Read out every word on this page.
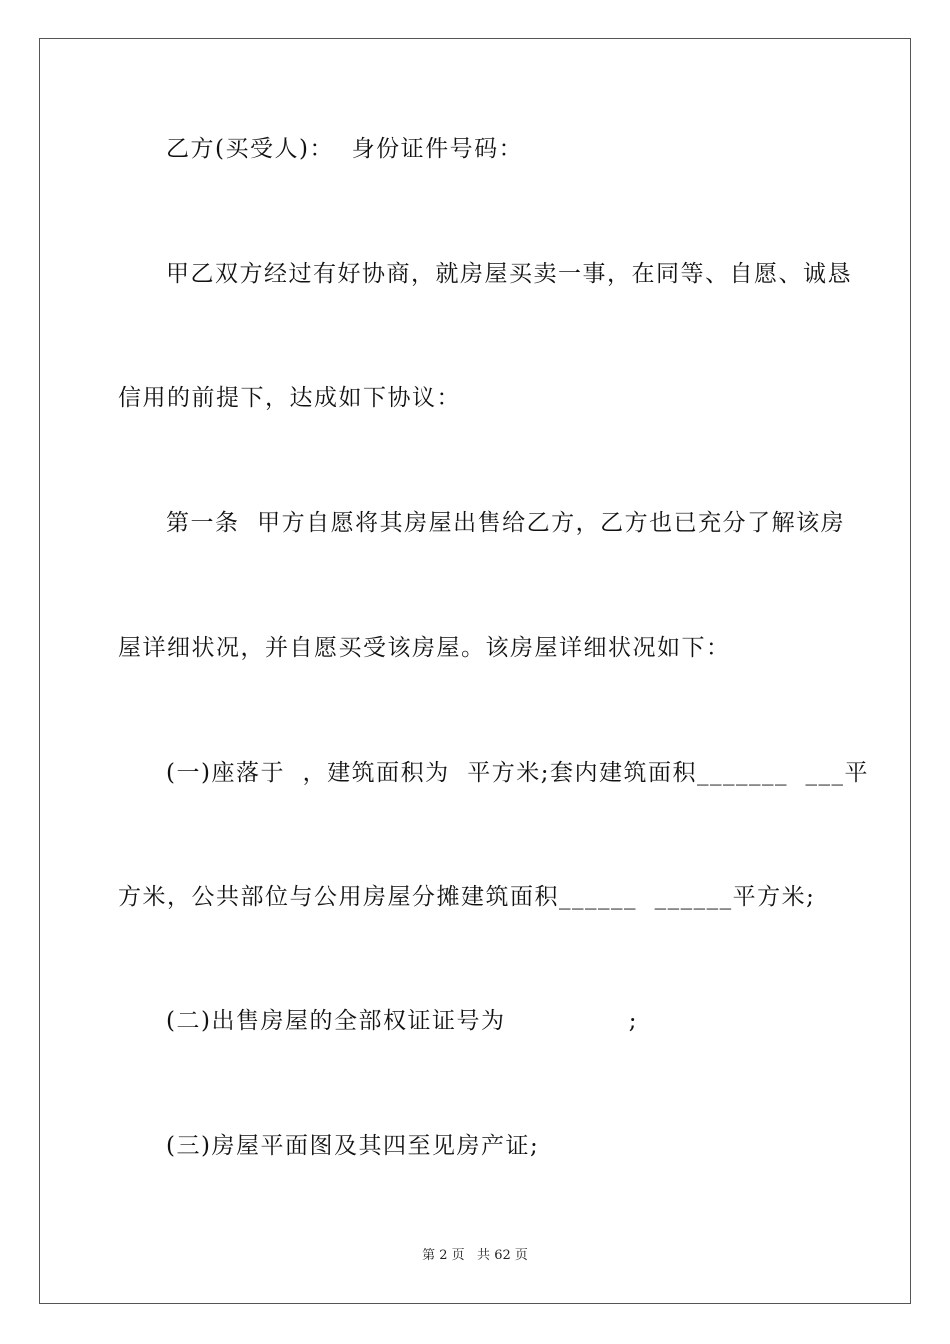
乙方(买受人)：  身份证件号码：
甲乙双方经过有好协商，就房屋买卖一事，在同等、自愿、诚恳
信用的前提下，达成如下协议：
第一条  甲方自愿将其房屋出售给乙方，乙方也已充分了解该房
屋详细状况，并自愿买受该房屋。该房屋详细状况如下：
(一)座落于  ，建筑面积为  平方米;套内建筑面积_______  ___平
方米，公共部位与公用房屋分摊建筑面积______  ______平方米;
(二)出售房屋的全部权证证号为              ;
(三)房屋平面图及其四至见房产证;
第 2 页   共 62 页
